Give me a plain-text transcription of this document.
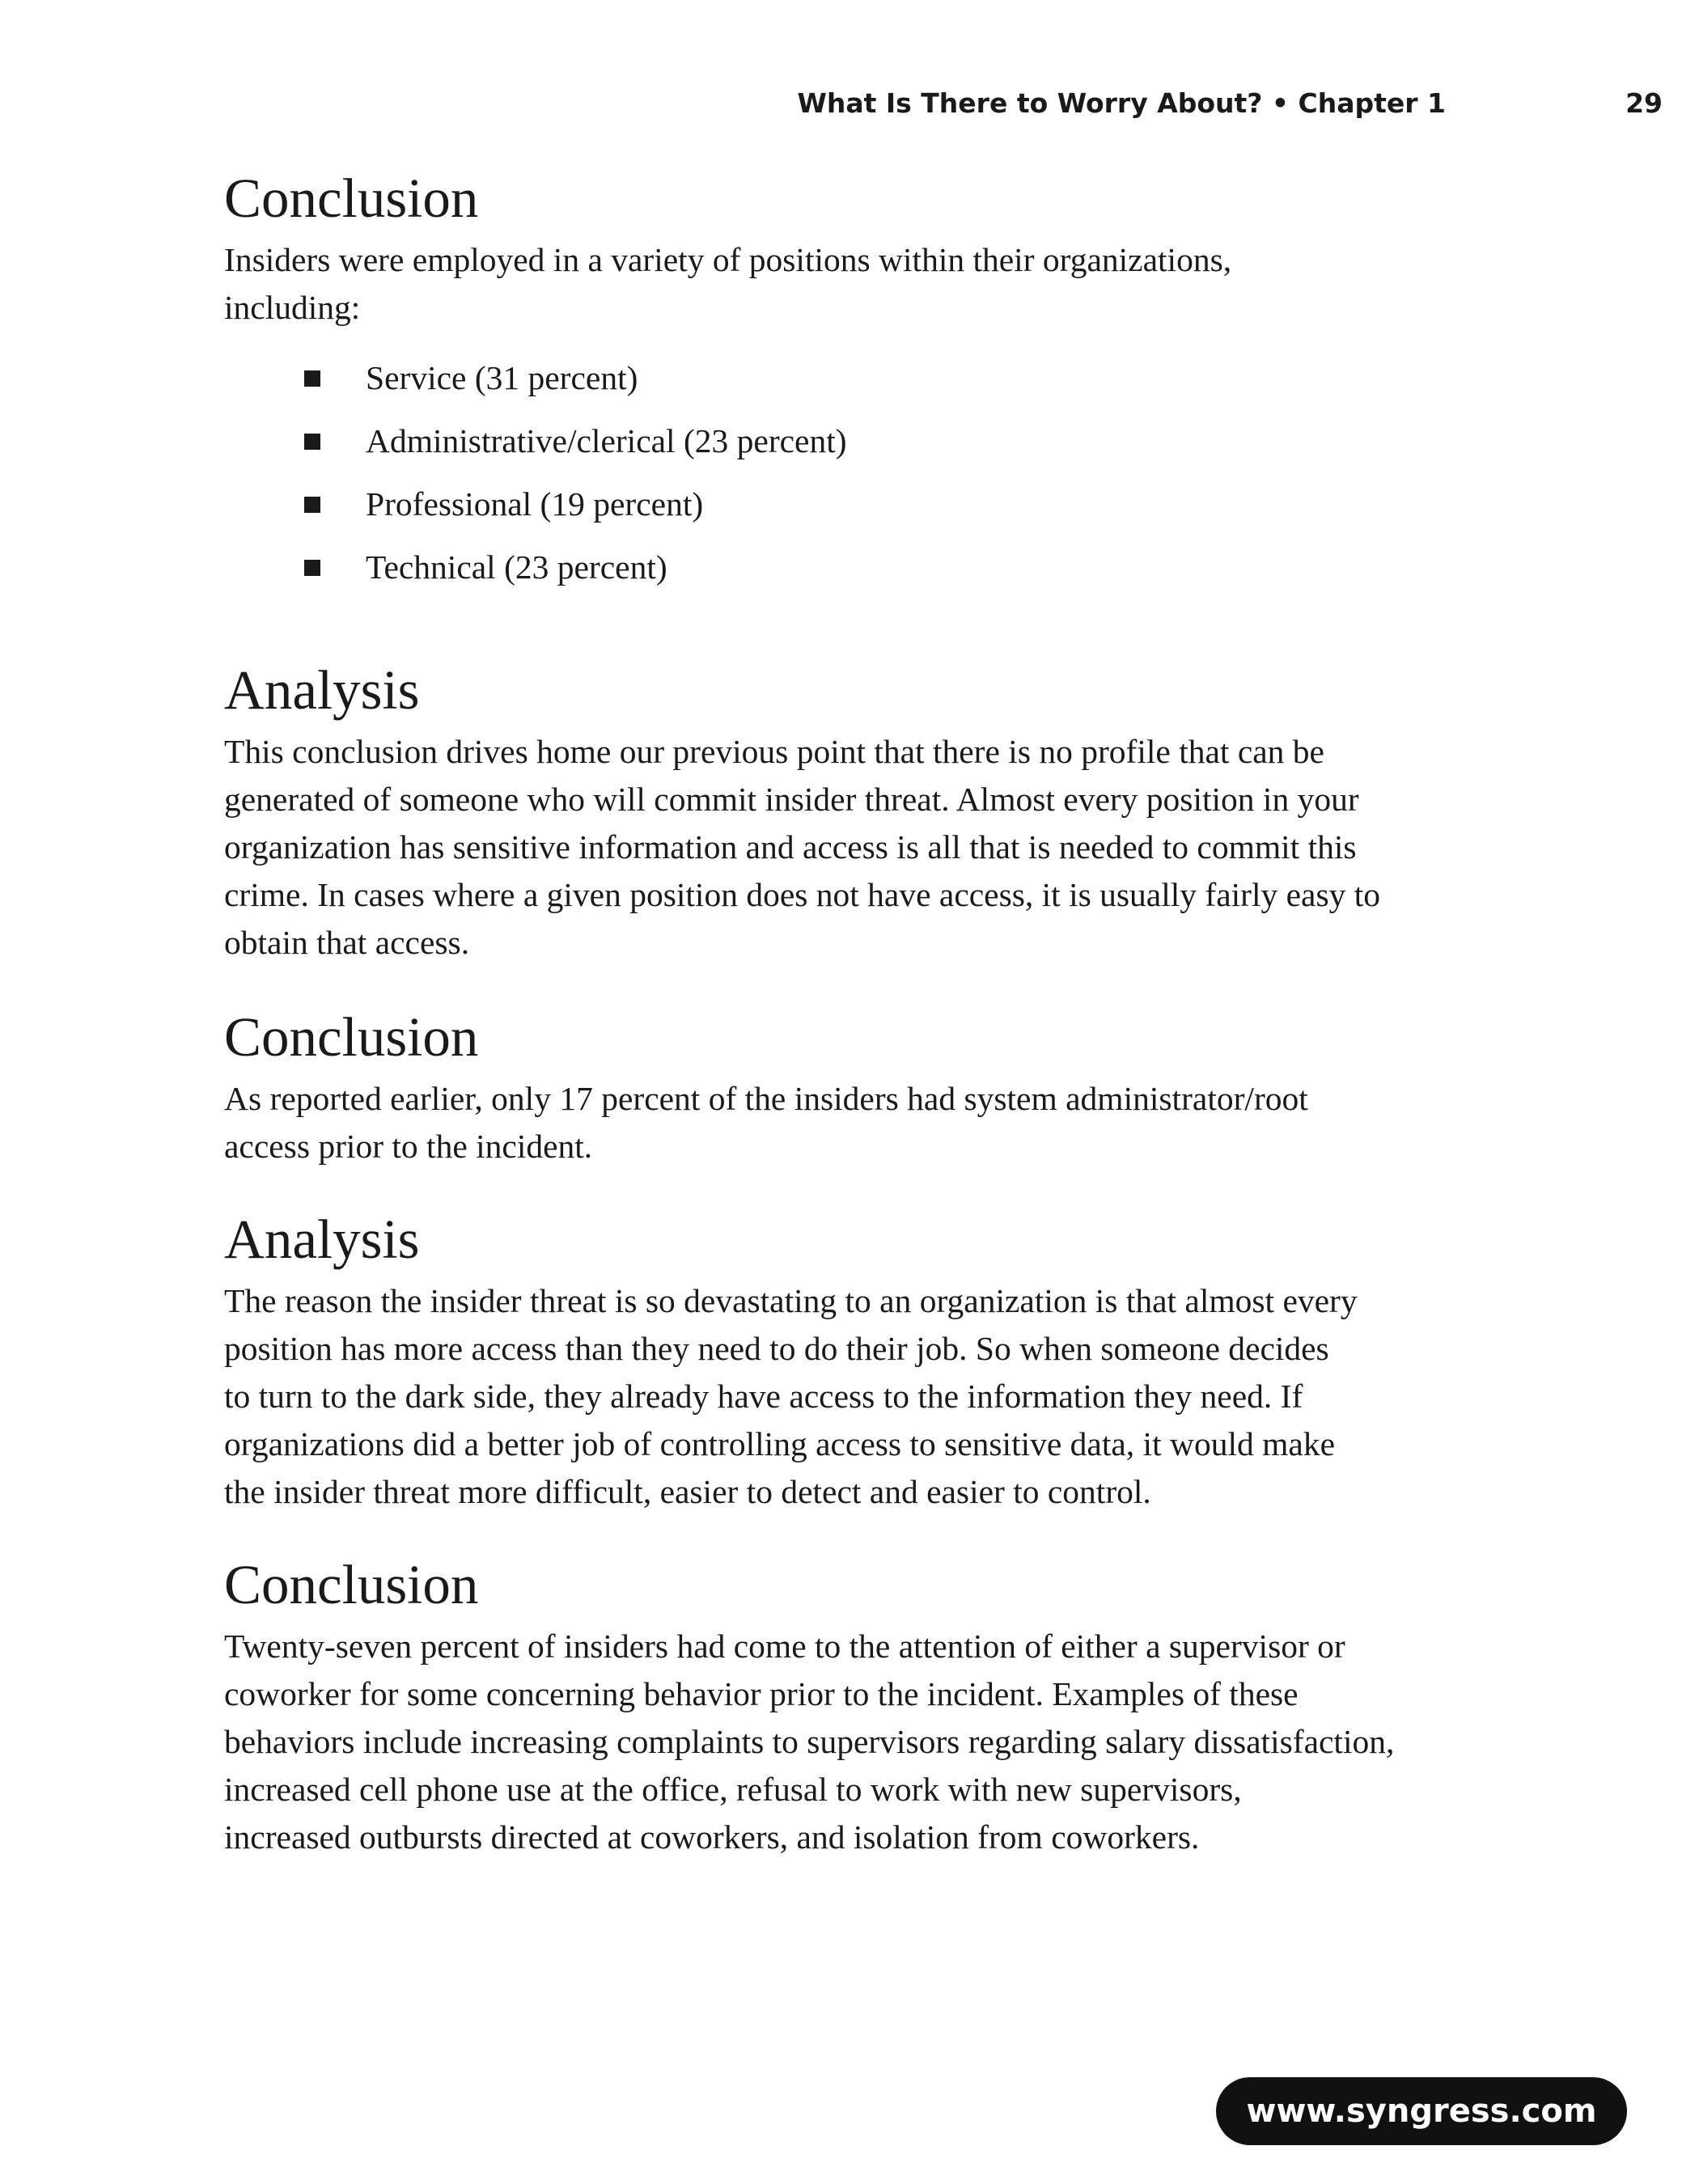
What Is There to Worry About? • Chapter 1	29
Conclusion

Insiders were employed in a variety of positions within their organizations,
including:

Service (31 percent)
Administrative/clerical (23 percent)
Professional (19 percent)
Technical (23 percent)
Analysis

This conclusion drives home our previous point that there is no profile that can be
generated of someone who will commit insider threat. Almost every position in your
organization has sensitive information and access is all that is needed to commit this
crime. In cases where a given position does not have access, it is usually fairly easy to
obtain that access.

Conclusion

As reported earlier, only 17 percent of the insiders had system administrator/root
access prior to the incident.

Analysis

The reason the insider threat is so devastating to an organization is that almost every
position has more access than they need to do their job. So when someone decides
to turn to the dark side, they already have access to the information they need. If
organizations did a better job of controlling access to sensitive data, it would make
the insider threat more difficult, easier to detect and easier to control.

Conclusion

Twenty-seven percent of insiders had come to the attention of either a supervisor or
coworker for some concerning behavior prior to the incident. Examples of these
behaviors include increasing complaints to supervisors regarding salary dissatisfaction,
increased cell phone use at the office, refusal to work with new supervisors,
increased outbursts directed at coworkers, and isolation from coworkers.

www.syngress.com
